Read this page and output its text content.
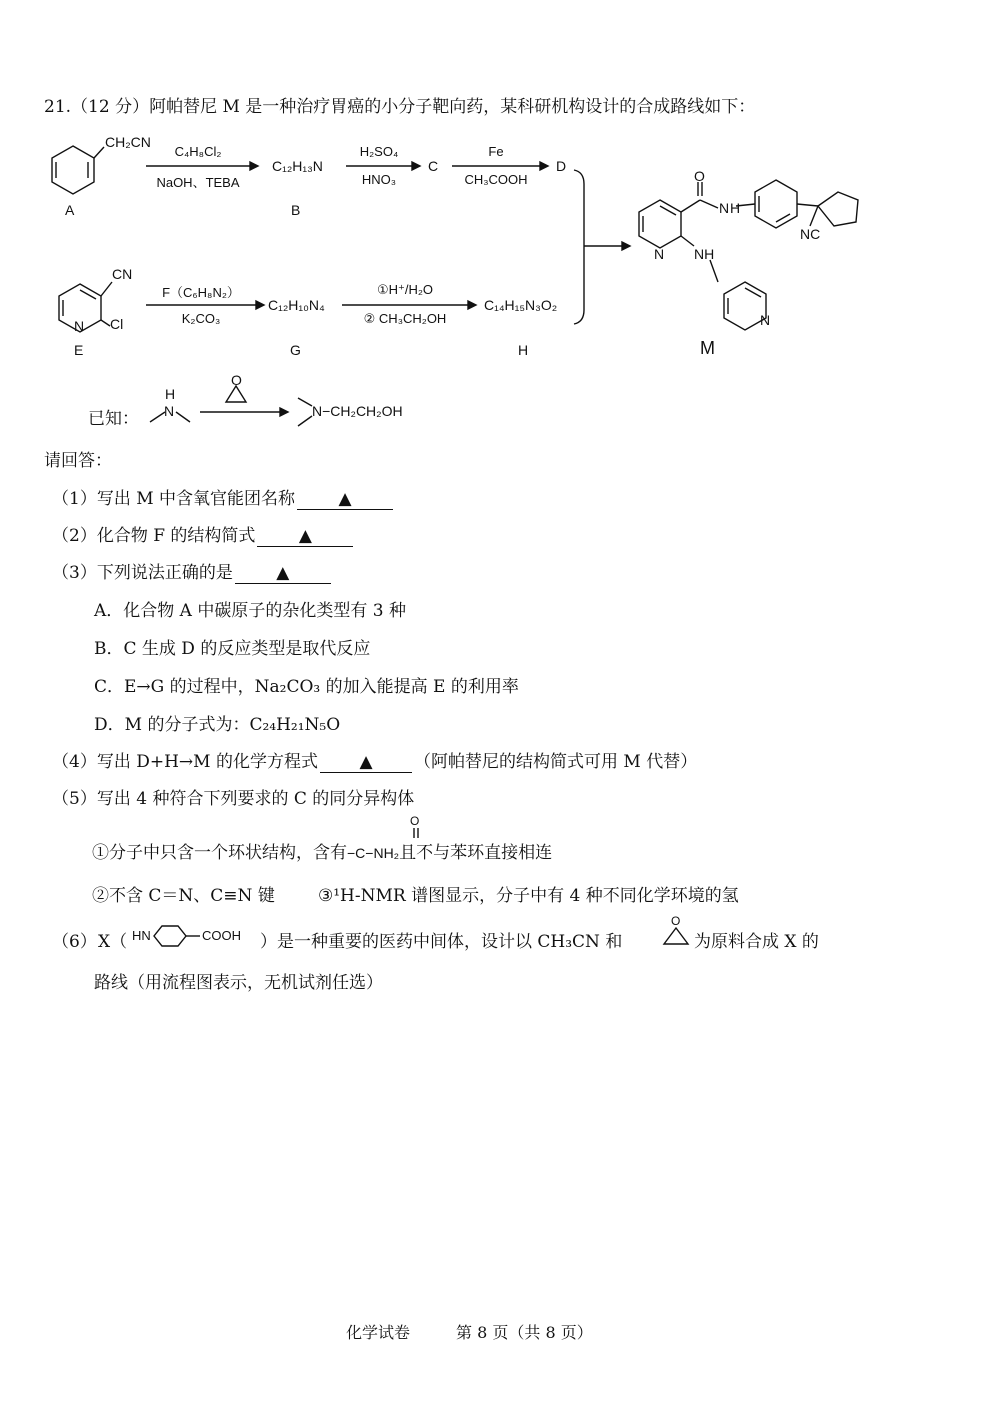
21.（12 分）阿帕替尼 M 是一种治疗胃癌的小分子靶向药，某科研机构设计的合成路线如下：
CH₂CN
A
C₄H₈Cl₂
NaOH、TEBA
C₁₂H₁₃N
B
H₂SO₄
HNO₃
C
Fe
CH₃COOH
D
CN
N Cl
E
F（C₆H₈N₂）
K₂CO₃
C₁₂H₁₀N₄
G
①H⁺/H₂O
② CH₃CH₂OH
C₁₄H₁₅N₃O₂
H
O
N H
N NH
NC
N
M
已知：
H
N
O
N−CH₂CH₂OH
请回答：
（1）写出 M 中含氧官能团名称	▲
（2）化合物 F 的结构简式	▲
（3）下列说法正确的是	▲
A．化合物 A 中碳原子的杂化类型有 3 种
B．C 生成 D 的反应类型是取代反应
C．E→G 的过程中，Na₂CO₃ 的加入能提高 E 的利用率
D．M 的分子式为：C₂₄H₂₁N₅O
（4）写出 D+H→M 的化学方程式 ▲ （阿帕替尼的结构简式可用 M 代替）
（5）写出 4 种符合下列要求的 C 的同分异构体
O
①分子中只含一个环状结构，含有−C−NH₂且不与苯环直接相连
②不含 C＝N、C≡N 键	③¹H-NMR 谱图显示，分子中有 4 种不同化学环境的氢
（6） X（ HN	COOH ）是一种重要的医药中间体，设计以 CH₃CN 和
O
为原料合成 X 的
路线（用流程图表示，无机试剂任选）
化学试卷	第 8 页（共 8 页）
